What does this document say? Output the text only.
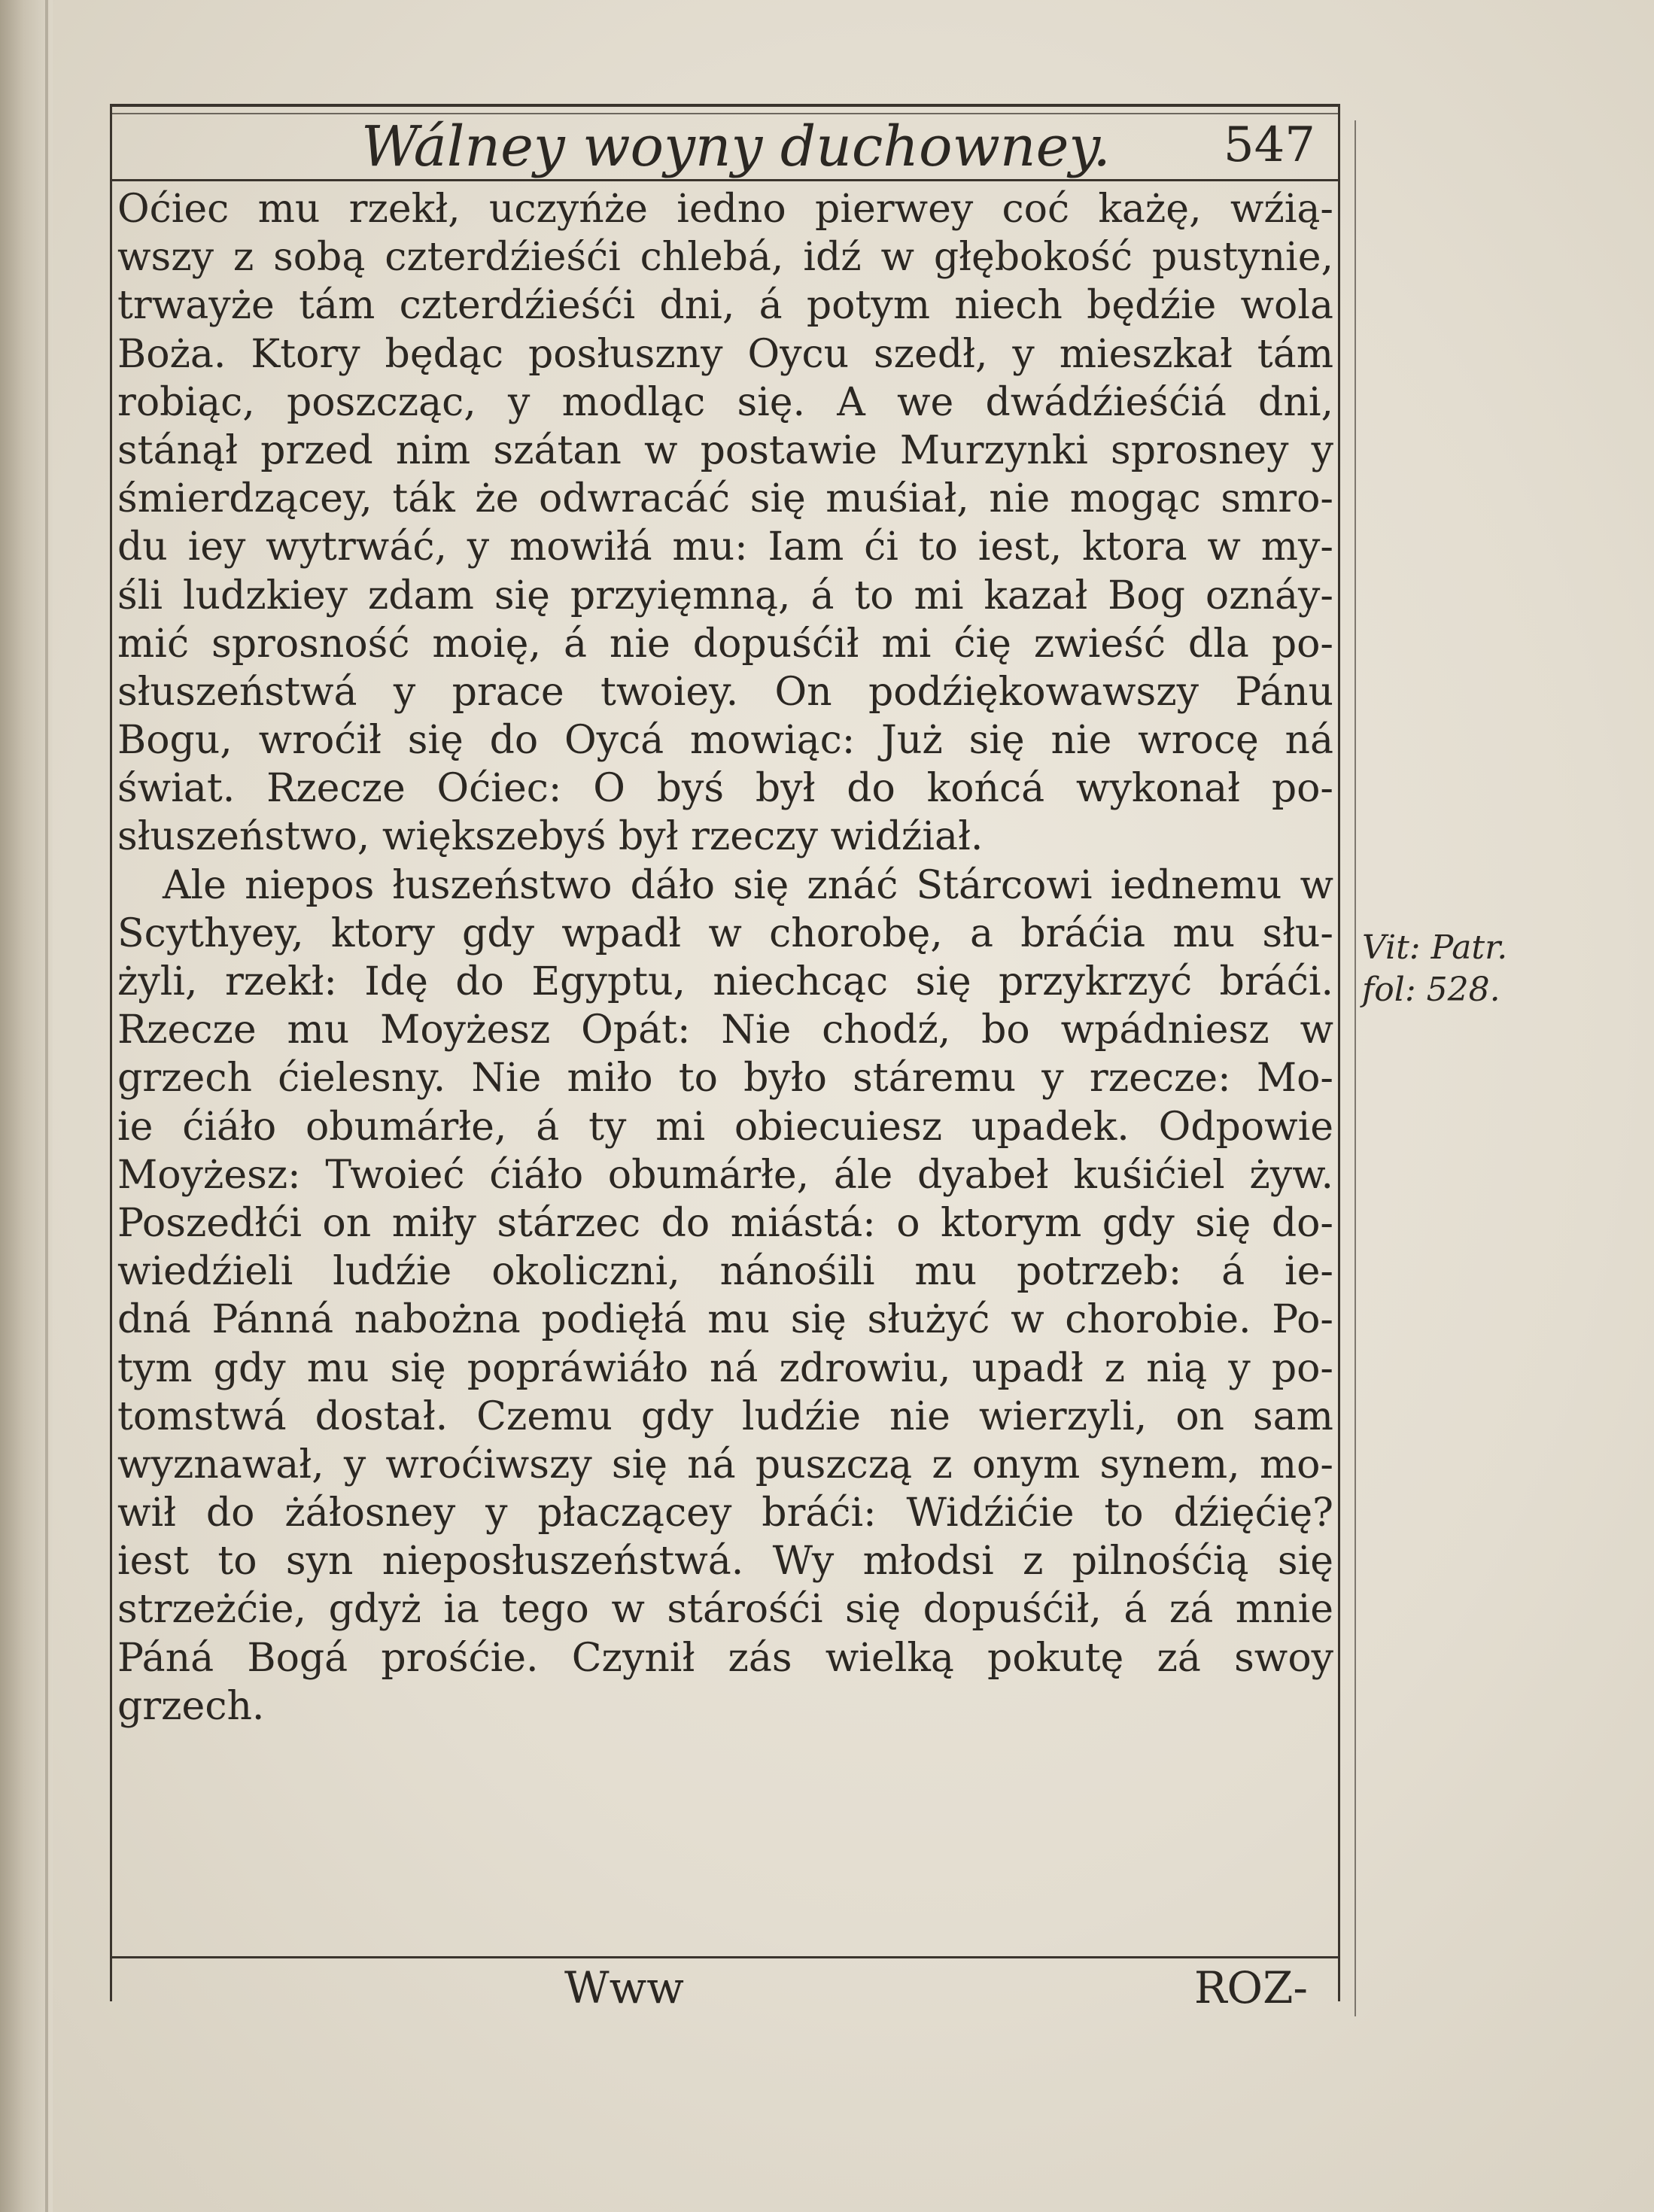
Wálney woyny duchowney. 547
Oćiec mu rzekł, uczyńże iedno pierwey coć każę, wźią-
wszy z sobą czterdźieśći chlebá, idź w głębokość pustynie,
trwayże tám czterdźieśći dni, á potym niech będźie wola
Boża. Ktory będąc posłuszny Oycu szedł, y mieszkał tám
robiąc, poszcząc, y modląc się. A we dwádźieśćiá dni,
stánął przed nim szátan w postawie Murzynki sprosney y
śmierdzącey, ták że odwracáć się muśiał, nie mogąc smro-
du iey wytrwáć, y mowiłá mu: Iam ći to iest, ktora w my-
śli ludzkiey zdam się przyięmną, á to mi kazał Bog oznáy-
mić sprosność moię, á nie dopuśćił mi ćię zwieść dla po-
słuszeństwá y prace twoiey. On podźiękowawszy Pánu
Bogu, wroćił się do Oycá mowiąc: Już się nie wrocę ná
świat. Rzecze Oćiec: O byś był do końcá wykonał po-
słuszeństwo, większebyś był rzeczy widźiał.
Ale niepos łuszeństwo dáło się znáć Stárcowi iednemu w
Scythyey, ktory gdy wpadł w chorobę, a bráćia mu słu-
żyli, rzekł: Idę do Egyptu, niechcąc się przykrzyć bráći.
Rzecze mu Moyżesz Opát: Nie chodź, bo wpádniesz w
grzech ćielesny. Nie miło to było stáremu y rzecze: Mo-
ie ćiáło obumárłe, á ty mi obiecuiesz upadek. Odpowie
Moyżesz: Twoieć ćiáło obumárłe, ále dyabeł kuśićiel żyw.
Poszedłći on miły stárzec do miástá: o ktorym gdy się do-
wiedźieli ludźie okoliczni, nánośili mu potrzeb: á ie-
dná Pánná nabożna podięłá mu się służyć w chorobie. Po-
tym gdy mu się popráwiáło ná zdrowiu, upadł z nią y po-
tomstwá dostał. Czemu gdy ludźie nie wierzyli, on sam
wyznawał, y wroćiwszy się ná puszczą z onym synem, mo-
wił do żáłosney y płaczącey bráći: Widźićie to dźięćię?
iest to syn nieposłuszeństwá. Wy młodsi z pilnośćią się
strzeżćie, gdyż ia tego w stárośći się dopuśćił, á zá mnie
Páná Bogá prośćie. Czynił zás wielką pokutę zá swoy
grzech.
Vit: Patr.
fol: 528.
Www	ROZ-
